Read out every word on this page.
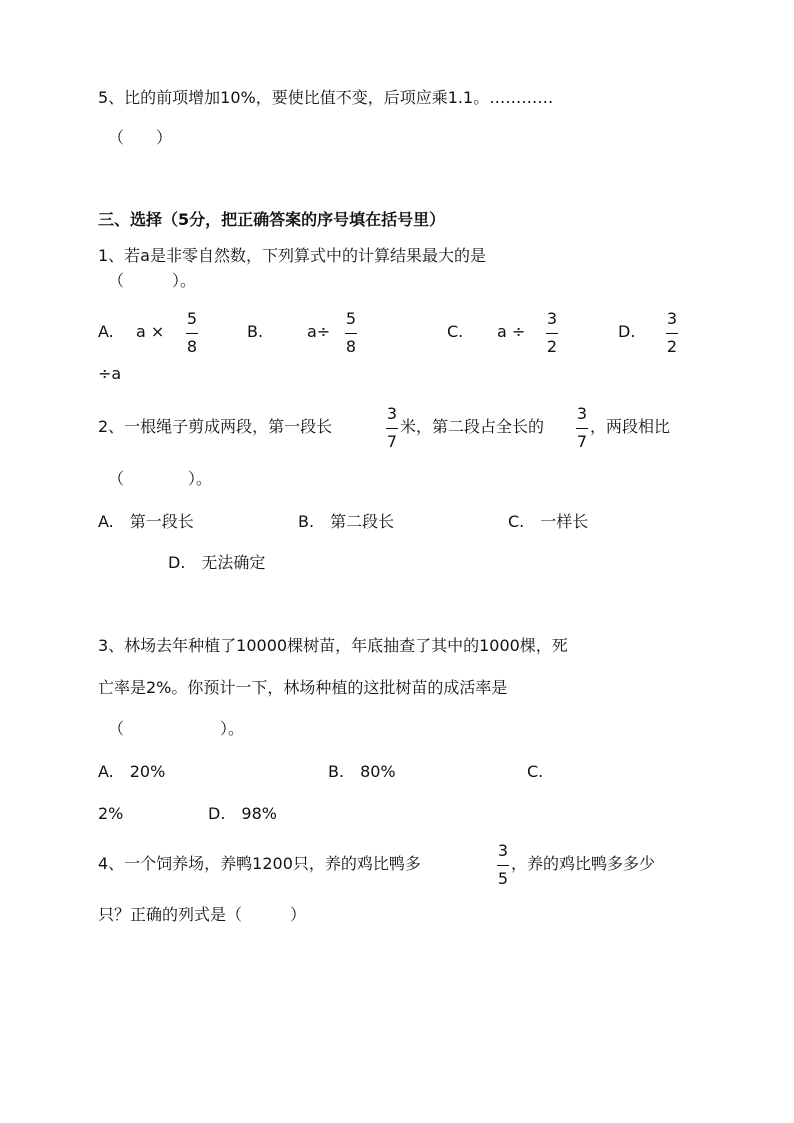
5、比的前项增加10%，要使比值不变，后项应乘1.1。…………
（　　）
三、选择（5分，把正确答案的序号填在括号里）
1、若a是非零自然数，下列算式中的计算结果最大的是
（　　　）。
A. a ×
5
8
B.	a÷
5
8
C. a ÷
3
2
D.
3
2
÷a
2、一根绳子剪成两段，第一段长
3
7
米，第二段占全长的
3
7
，两段相比
（　　　　）。
A.　第一段长	B.　第二段长	C.　一样长
D.　无法确定
3、林场去年种植了10000棵树苗，年底抽查了其中的1000棵，死
亡率是2%。你预计一下，林场种植的这批树苗的成活率是
（　　　　　　）。
A.　20%	B.　80%	C.
2%	D.　98%
4、一个饲养场，养鸭1200只，养的鸡比鸭多
3
5
，养的鸡比鸭多多少
只？正确的列式是（　　　）
